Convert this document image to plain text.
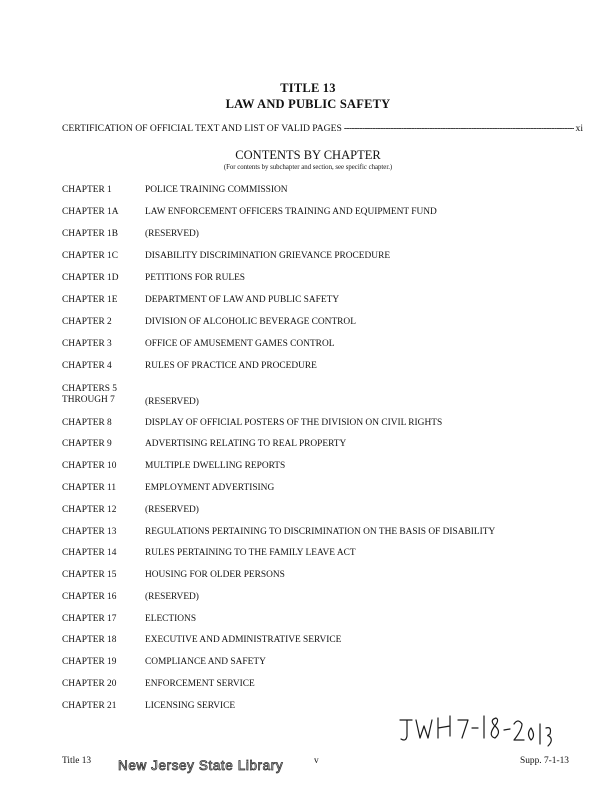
TITLE 13
LAW AND PUBLIC SAFETY
CERTIFICATION OF OFFICIAL TEXT AND LIST OF VALID PAGES
-----	xi
CONTENTS BY CHAPTER
(For contents by subchapter and section, see specific chapter.)
CHAPTER 1	POLICE TRAINING COMMISSION
CHAPTER 1A	LAW ENFORCEMENT OFFICERS TRAINING AND EQUIPMENT FUND
CHAPTER 1B	(RESERVED)
CHAPTER 1C	DISABILITY DISCRIMINATION GRIEVANCE PROCEDURE
CHAPTER 1D	PETITIONS FOR RULES
CHAPTER 1E	DEPARTMENT OF LAW AND PUBLIC SAFETY
CHAPTER 2	DIVISION OF ALCOHOLIC BEVERAGE CONTROL
CHAPTER 3	OFFICE OF AMUSEMENT GAMES CONTROL
CHAPTER 4	RULES OF PRACTICE AND PROCEDURE
CHAPTERS 5
THROUGH 7	(RESERVED)
CHAPTER 8	DISPLAY OF OFFICIAL POSTERS OF THE DIVISION ON CIVIL RIGHTS
CHAPTER 9	ADVERTISING RELATING TO REAL PROPERTY
CHAPTER 10	MULTIPLE DWELLING REPORTS
CHAPTER 11	EMPLOYMENT ADVERTISING
CHAPTER 12	(RESERVED)
CHAPTER 13	REGULATIONS PERTAINING TO DISCRIMINATION ON THE BASIS OF DISABILITY
CHAPTER 14	RULES PERTAINING TO THE FAMILY LEAVE ACT
CHAPTER 15	HOUSING FOR OLDER PERSONS
CHAPTER 16	(RESERVED)
CHAPTER 17	ELECTIONS
CHAPTER 18	EXECUTIVE AND ADMINISTRATIVE SERVICE
CHAPTER 19	COMPLIANCE AND SAFETY
CHAPTER 20	ENFORCEMENT SERVICE
CHAPTER 21	LICENSING SERVICE
Title 13 New Jersey State Library	v	Supp. 7-1-13
